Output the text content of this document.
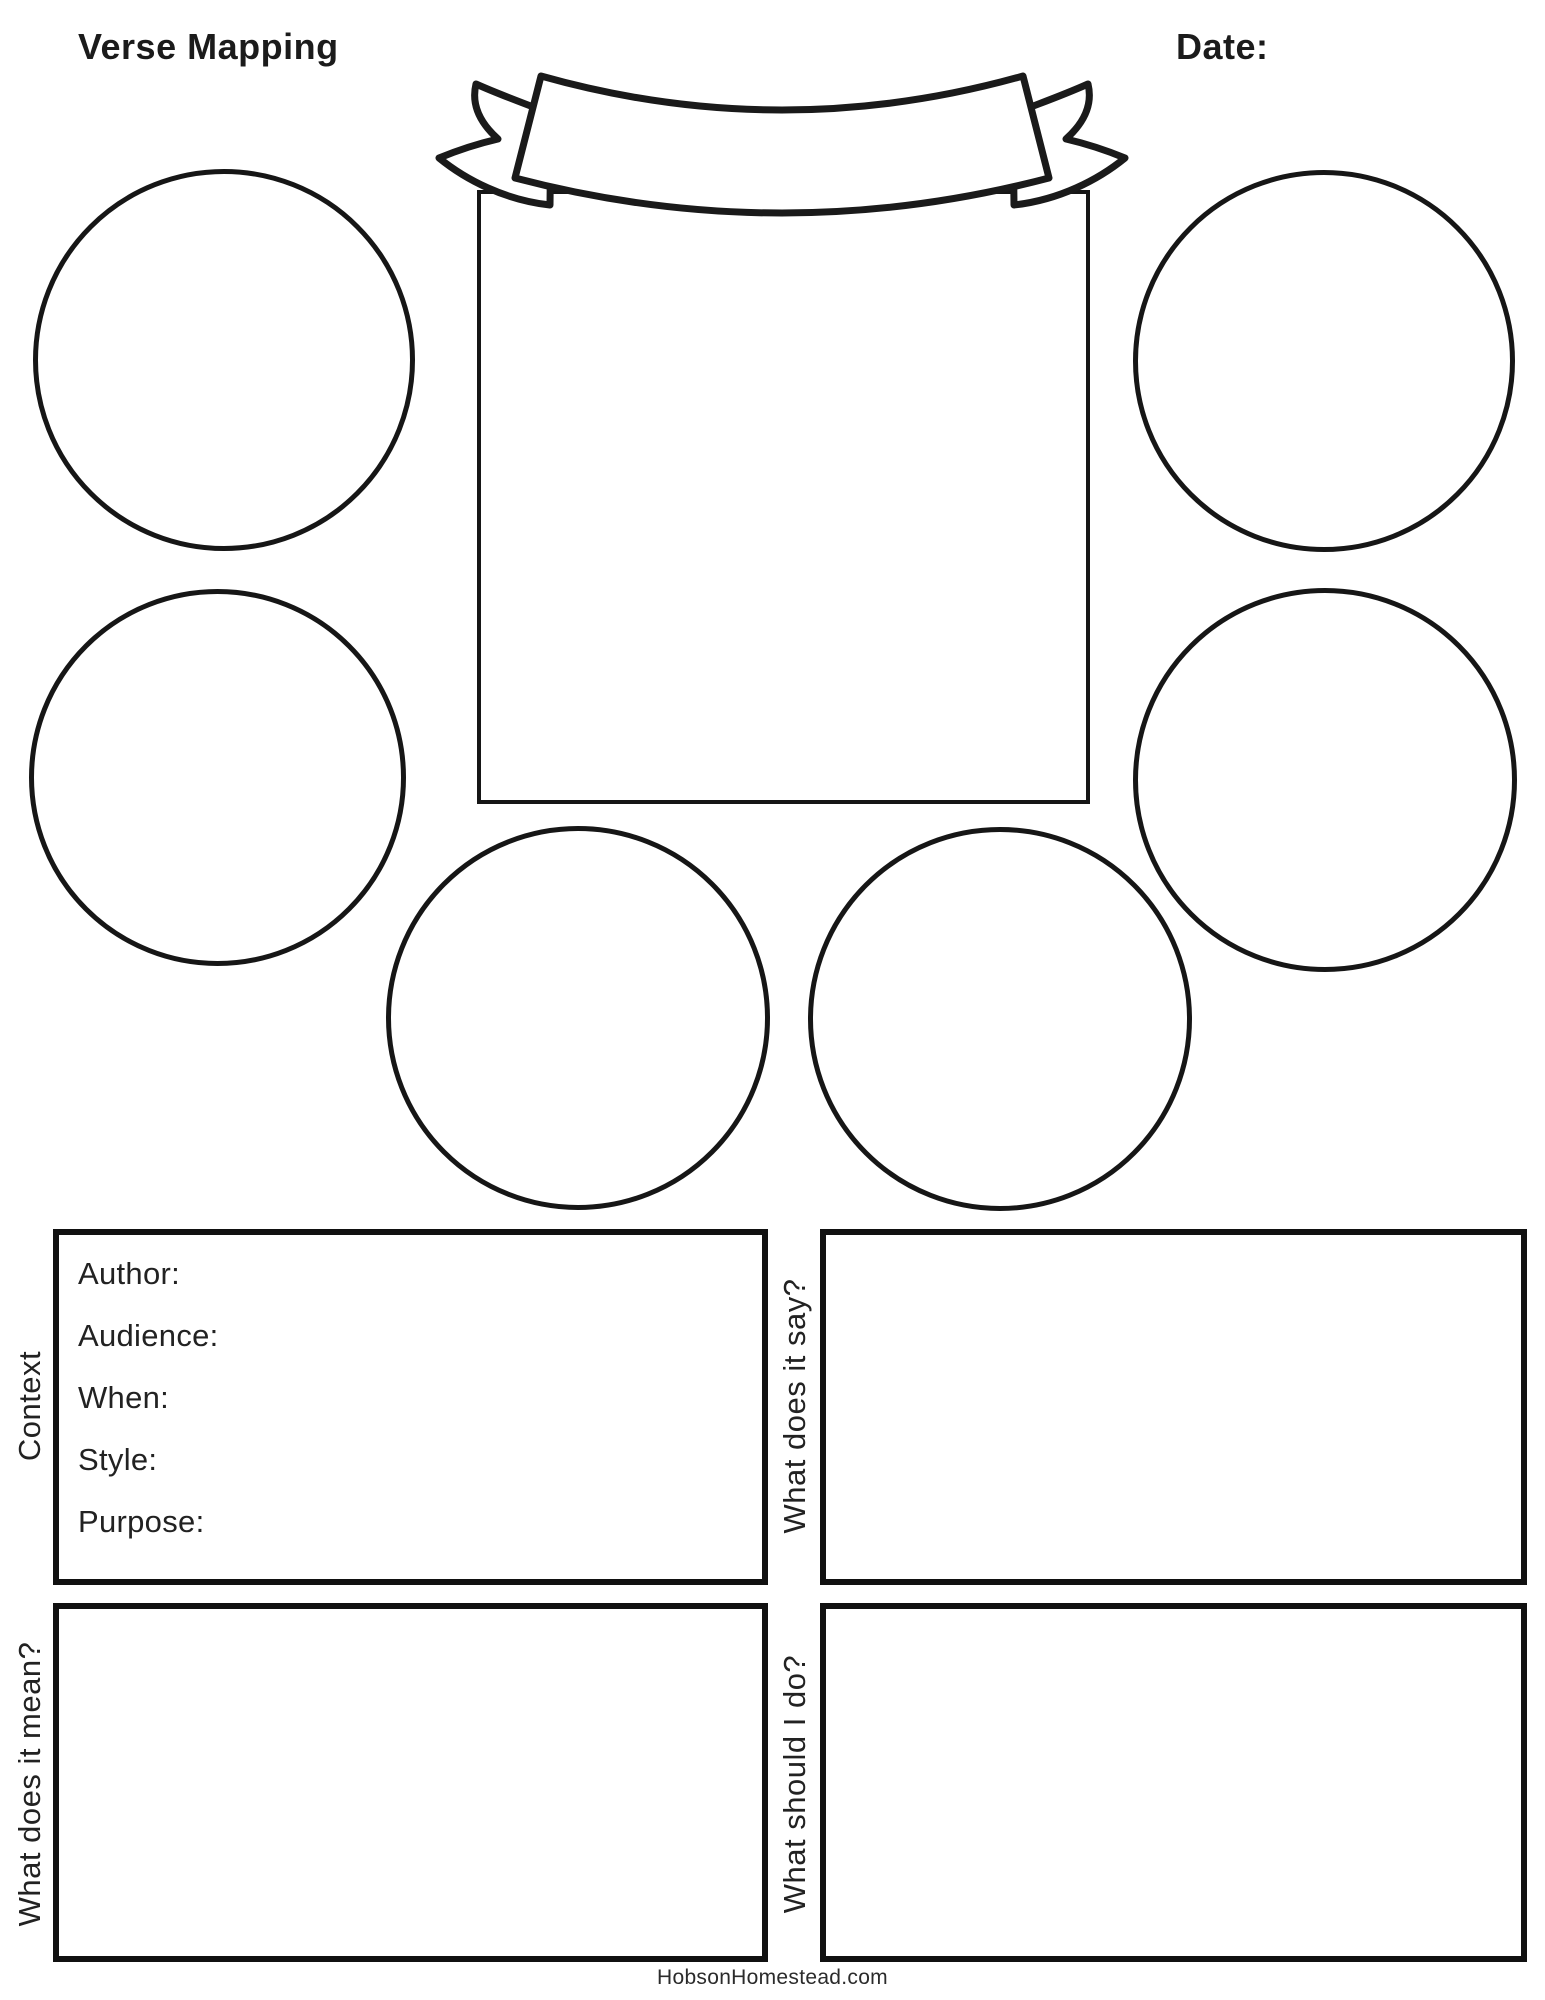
Verse Mapping	Date:
Author:
Audience:
When:
Style:
Purpose:
Context	What does it say?
What does it mean?	What should I do?
HobsonHomestead.com
